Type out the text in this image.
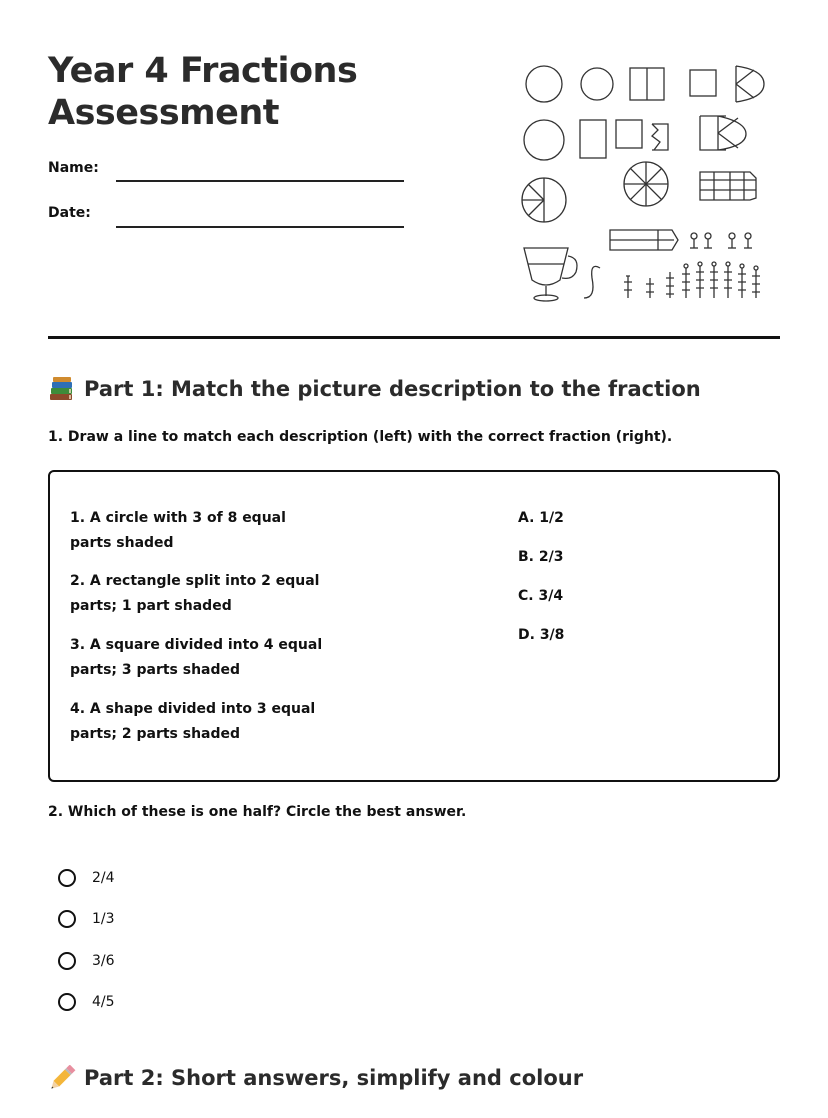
Year 4 Fractions Assessment
Name:
Date:
Part 1: Match the picture description to the fraction
1. Draw a line to match each description (left) with the correct fraction (right).
1. A circle with 3 of 8 equal parts shaded
2. A rectangle split into 2 equal parts; 1 part shaded
3. A square divided into 4 equal parts; 3 parts shaded
4. A shape divided into 3 equal parts; 2 parts shaded
A. 1/2
B. 2/3
C. 3/4
D. 3/8
2. Which of these is one half? Circle the best answer.
2/4
1/3
3/6
4/5
Part 2: Short answers, simplify and colour
